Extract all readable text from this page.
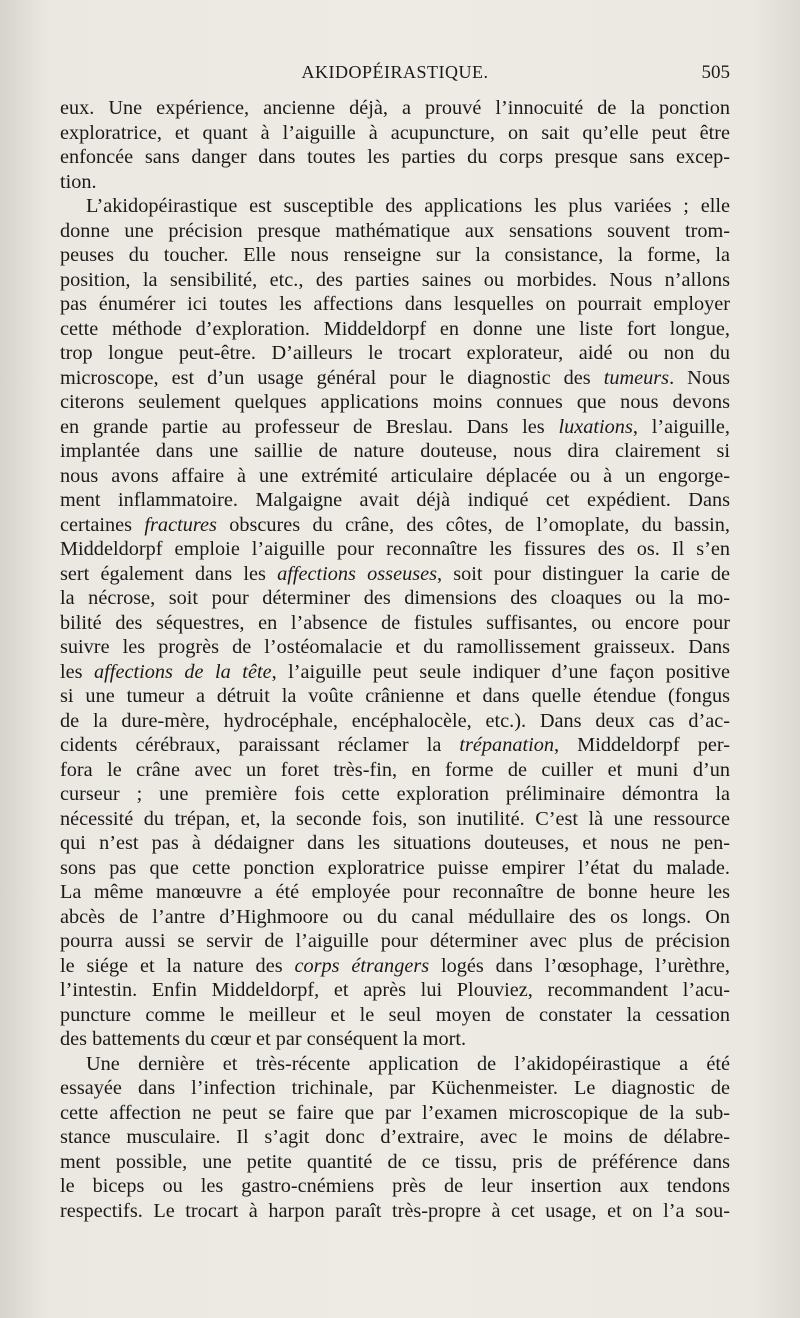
AKIDOPÉIRASTIQUE.	505

eux. Une expérience, ancienne déjà, a prouvé l’innocuité de la ponction

exploratrice, et quant à l’aiguille à acupuncture, on sait qu’elle peut être

enfoncée sans danger dans toutes les parties du corps presque sans excep-

tion.

L’akidopéirastique est susceptible des applications les plus variées ; elle

donne une précision presque mathématique aux sensations souvent trom-

peuses du toucher. Elle nous renseigne sur la consistance, la forme, la

position, la sensibilité, etc., des parties saines ou morbides. Nous n’allons

pas énumérer ici toutes les affections dans lesquelles on pourrait employer

cette méthode d’exploration. Middeldorpf en donne une liste fort longue,

trop longue peut-être. D’ailleurs le trocart explorateur, aidé ou non du

microscope, est d’un usage général pour le diagnostic des tumeurs. Nous

citerons seulement quelques applications moins connues que nous devons

en grande partie au professeur de Breslau. Dans les luxations, l’aiguille,

implantée dans une saillie de nature douteuse, nous dira clairement si

nous avons affaire à une extrémité articulaire déplacée ou à un engorge-

ment inflammatoire. Malgaigne avait déjà indiqué cet expédient. Dans

certaines fractures obscures du crâne, des côtes, de l’omoplate, du bassin,

Middeldorpf emploie l’aiguille pour reconnaître les fissures des os. Il s’en

sert également dans les affections osseuses, soit pour distinguer la carie de

la nécrose, soit pour déterminer des dimensions des cloaques ou la mo-

bilité des séquestres, en l’absence de fistules suffisantes, ou encore pour

suivre les progrès de l’ostéomalacie et du ramollissement graisseux. Dans

les affections de la tête, l’aiguille peut seule indiquer d’une façon positive

si une tumeur a détruit la voûte crânienne et dans quelle étendue (fongus

de la dure-mère, hydrocéphale, encéphalocèle, etc.). Dans deux cas d’ac-

cidents cérébraux, paraissant réclamer la trépanation, Middeldorpf per-

fora le crâne avec un foret très-fin, en forme de cuiller et muni d’un

curseur ; une première fois cette exploration préliminaire démontra la

nécessité du trépan, et, la seconde fois, son inutilité. C’est là une ressource

qui n’est pas à dédaigner dans les situations douteuses, et nous ne pen-

sons pas que cette ponction exploratrice puisse empirer l’état du malade.

La même manœuvre a été employée pour reconnaître de bonne heure les

abcès de l’antre d’Highmoore ou du canal médullaire des os longs. On

pourra aussi se servir de l’aiguille pour déterminer avec plus de précision

le siége et la nature des corps étrangers logés dans l’œsophage, l’urèthre,

l’intestin. Enfin Middeldorpf, et après lui Plouviez, recommandent l’acu-

puncture comme le meilleur et le seul moyen de constater la cessation

des battements du cœur et par conséquent la mort.

Une dernière et très-récente application de l’akidopéirastique a été

essayée dans l’infection trichinale, par Küchenmeister. Le diagnostic de

cette affection ne peut se faire que par l’examen microscopique de la sub-

stance musculaire. Il s’agit donc d’extraire, avec le moins de délabre-

ment possible, une petite quantité de ce tissu, pris de préférence dans

le biceps ou les gastro-cnémiens près de leur insertion aux tendons

respectifs. Le trocart à harpon paraît très-propre à cet usage, et on l’a sou-
